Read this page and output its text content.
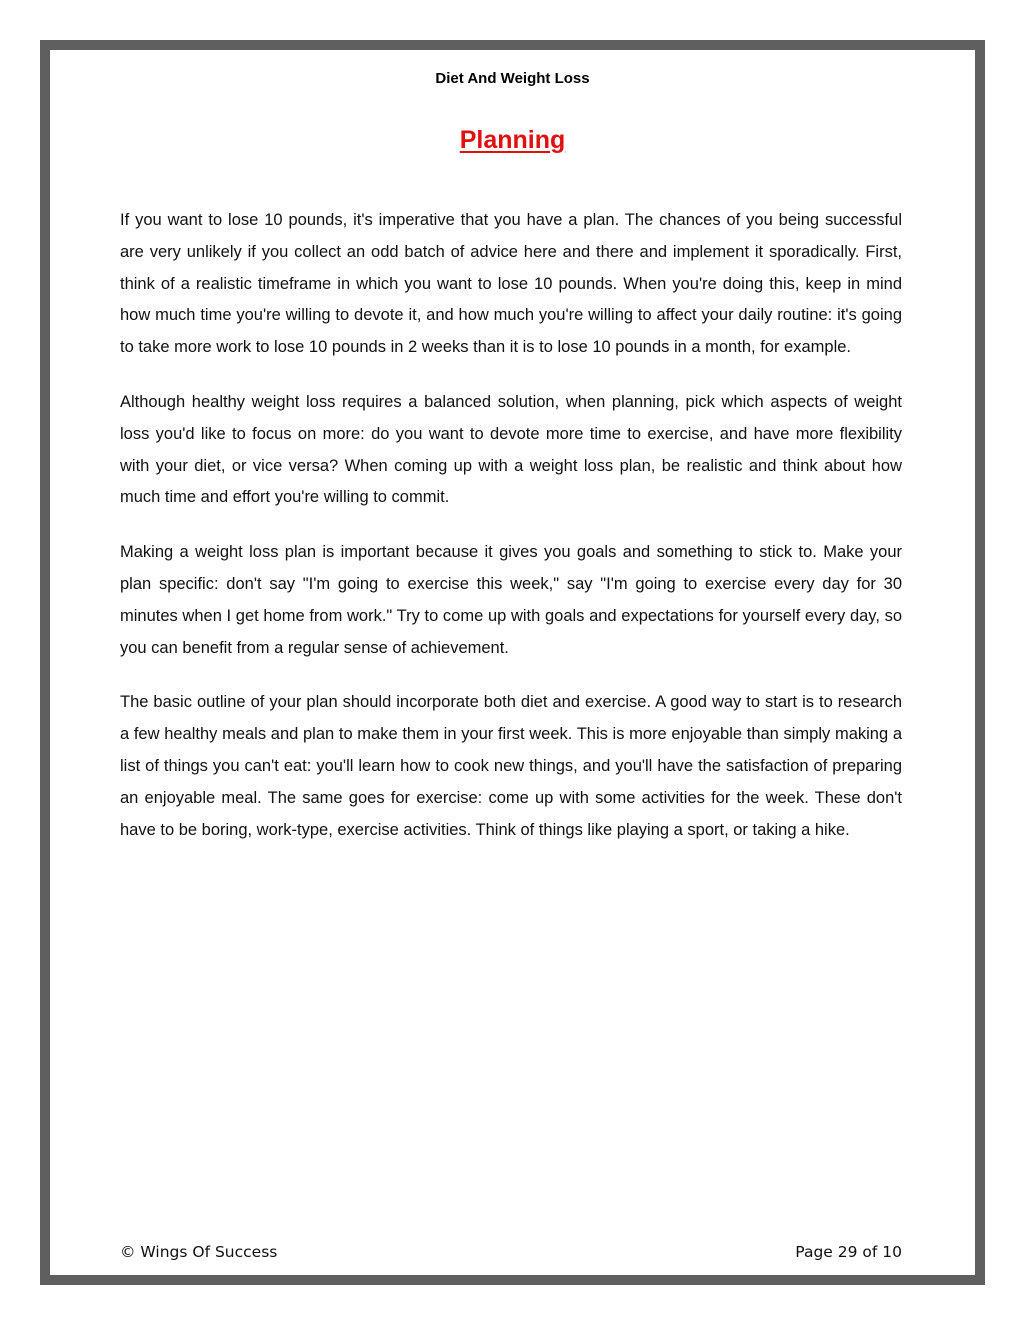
Diet And Weight Loss
Planning

If you want to lose 10 pounds, it's imperative that you have a plan. The chances of you being successful are very unlikely if you collect an odd batch of advice here and there and implement it sporadically. First, think of a realistic timeframe in which you want to lose 10 pounds. When you're doing this, keep in mind how much time you're willing to devote it, and how much you're willing to affect your daily routine: it's going to take more work to lose 10 pounds in 2 weeks than it is to lose 10 pounds in a month, for example.

Although healthy weight loss requires a balanced solution, when planning, pick which aspects of weight loss you'd like to focus on more: do you want to devote more time to exercise, and have more flexibility with your diet, or vice versa? When coming up with a weight loss plan, be realistic and think about how much time and effort you're willing to commit.

Making a weight loss plan is important because it gives you goals and something to stick to. Make your plan specific: don't say "I'm going to exercise this week," say "I'm going to exercise every day for 30 minutes when I get home from work." Try to come up with goals and expectations for yourself every day, so you can benefit from a regular sense of achievement.

The basic outline of your plan should incorporate both diet and exercise. A good way to start is to research a few healthy meals and plan to make them in your first week. This is more enjoyable than simply making a list of things you can't eat: you'll learn how to cook new things, and you'll have the satisfaction of preparing an enjoyable meal. The same goes for exercise: come up with some activities for the week. These don't have to be boring, work-type, exercise activities. Think of things like playing a sport, or taking a hike.

© Wings Of Success	Page 29 of 10
